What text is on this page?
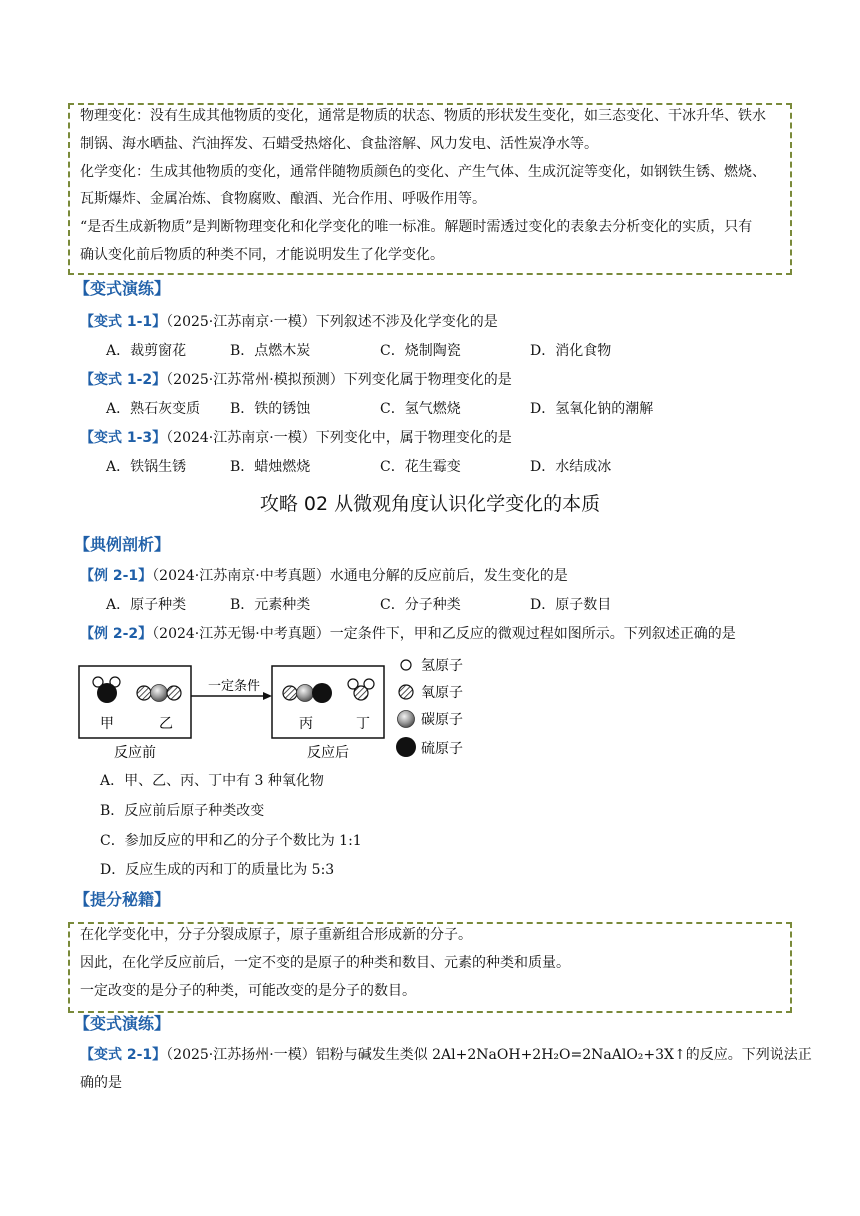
物理变化：没有生成其他物质的变化，通常是物质的状态、物质的形状发生变化，如三态变化、干冰升华、铁水
制锅、海水晒盐、汽油挥发、石蜡受热熔化、食盐溶解、风力发电、活性炭净水等。
化学变化：生成其他物质的变化，通常伴随物质颜色的变化、产生气体、生成沉淀等变化，如钢铁生锈、燃烧、
瓦斯爆炸、金属冶炼、食物腐败、酿酒、光合作用、呼吸作用等。
“是否生成新物质”是判断物理变化和化学变化的唯一标准。解题时需透过变化的表象去分析变化的实质，只有
确认变化前后物质的种类不同，才能说明发生了化学变化。
【变式演练】
【变式 1-1】（2025·江苏南京·一模）下列叙述不涉及化学变化的是
A．裁剪窗花	B．点燃木炭	C．烧制陶瓷	D．消化食物
【变式 1-2】（2025·江苏常州·模拟预测）下列变化属于物理变化的是
A．熟石灰变质 B．铁的锈蚀	C．氢气燃烧	D．氢氧化钠的潮解
【变式 1-3】（2024·江苏南京·一模）下列变化中，属于物理变化的是
A．铁锅生锈	B．蜡烛燃烧	C．花生霉变	D．水结成冰
攻略 02 从微观角度认识化学变化的本质
【典例剖析】
【例 2-1】（2024·江苏南京·中考真题）水通电分解的反应前后，发生变化的是
A．原子种类	B．元素种类	C．分子种类	D．原子数目
【例 2-2】（2024·江苏无锡·中考真题）一定条件下，甲和乙反应的微观过程如图所示。下列叙述正确的是
甲	乙
一定条件
丙	丁
反应前	反应后
氢原子
氧原子
碳原子
硫原子
A．甲、乙、丙、丁中有 3 种氧化物
B．反应前后原子种类改变
C．参加反应的甲和乙的分子个数比为 1:1
D．反应生成的丙和丁的质量比为 5:3
【提分秘籍】
在化学变化中，分子分裂成原子，原子重新组合形成新的分子。
因此，在化学反应前后，一定不变的是原子的种类和数目、元素的种类和质量。
一定改变的是分子的种类，可能改变的是分子的数目。
【变式演练】
【变式 2-1】（2025·江苏扬州·一模）铝粉与碱发生类似 2Al+2NaOH+2H₂O=2NaAlO₂+3X↑的反应。下列说法正
确的是
